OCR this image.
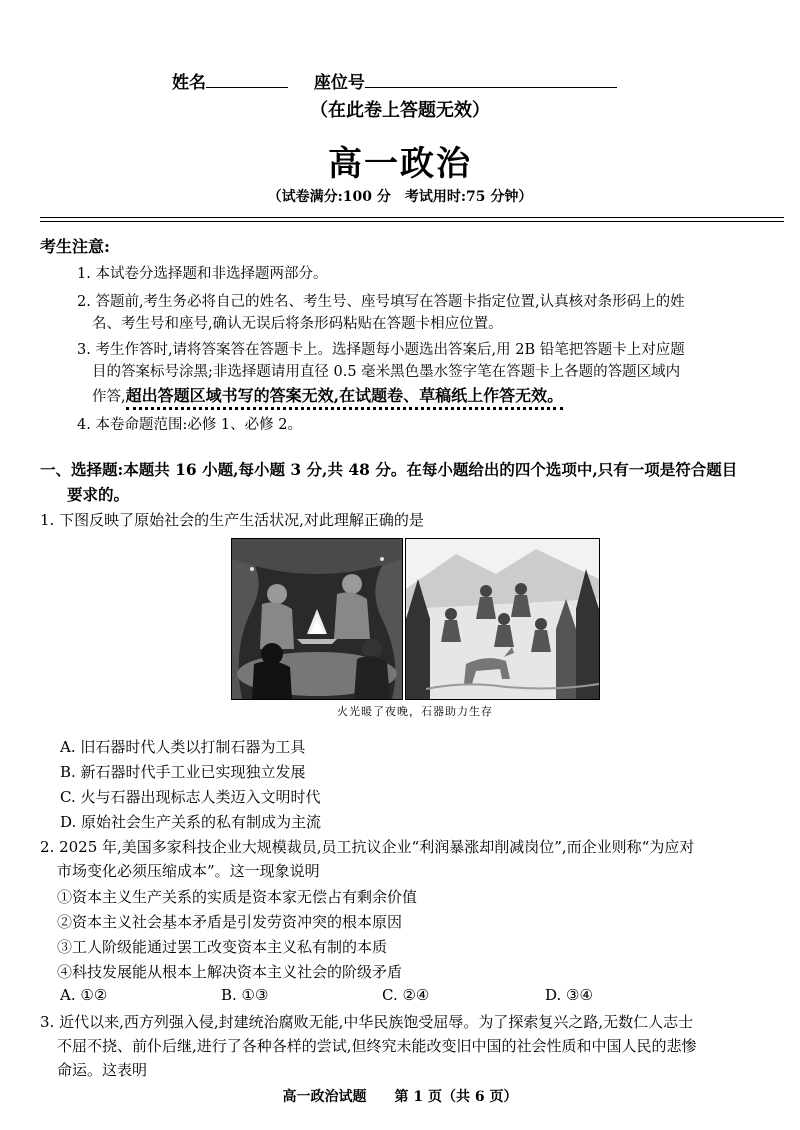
姓名	座位号
（在此卷上答题无效）
高一政治
（试卷满分:100 分　考试用时:75 分钟）
考生注意:
1. 本试卷分选择题和非选择题两部分。
2. 答题前,考生务必将自己的姓名、考生号、座号填写在答题卡指定位置,认真核对条形码上的姓
名、考生号和座号,确认无误后将条形码粘贴在答题卡相应位置。
3. 考生作答时,请将答案答在答题卡上。选择题每小题选出答案后,用 2B 铅笔把答题卡上对应题
目的答案标号涂黑;非选择题请用直径 0.5 毫米黑色墨水签字笔在答题卡上各题的答题区域内
作答,超出答题区域书写的答案无效,在试题卷、草稿纸上作答无效。
4. 本卷命题范围:必修 1、必修 2。
一、选择题:本题共 16 小题,每小题 3 分,共 48 分。在每小题给出的四个选项中,只有一项是符合题目
要求的。
1. 下图反映了原始社会的生产生活状况,对此理解正确的是
火光暖了夜晚，石器助力生存
A. 旧石器时代人类以打制石器为工具
B. 新石器时代手工业已实现独立发展
C. 火与石器出现标志人类迈入文明时代
D. 原始社会生产关系的私有制成为主流
2. 2025 年,美国多家科技企业大规模裁员,员工抗议企业“利润暴涨却削减岗位”,而企业则称“为应对
市场变化必须压缩成本”。这一现象说明
①资本主义生产关系的实质是资本家无偿占有剩余价值
②资本主义社会基本矛盾是引发劳资冲突的根本原因
③工人阶级能通过罢工改变资本主义私有制的本质
④科技发展能从根本上解决资本主义社会的阶级矛盾
A. ①②	B. ①③	C. ②④	D. ③④
3. 近代以来,西方列强入侵,封建统治腐败无能,中华民族饱受屈辱。为了探索复兴之路,无数仁人志士
不屈不挠、前仆后继,进行了各种各样的尝试,但终究未能改变旧中国的社会性质和中国人民的悲惨
命运。这表明
高一政治试题　　第 1 页（共 6 页）
